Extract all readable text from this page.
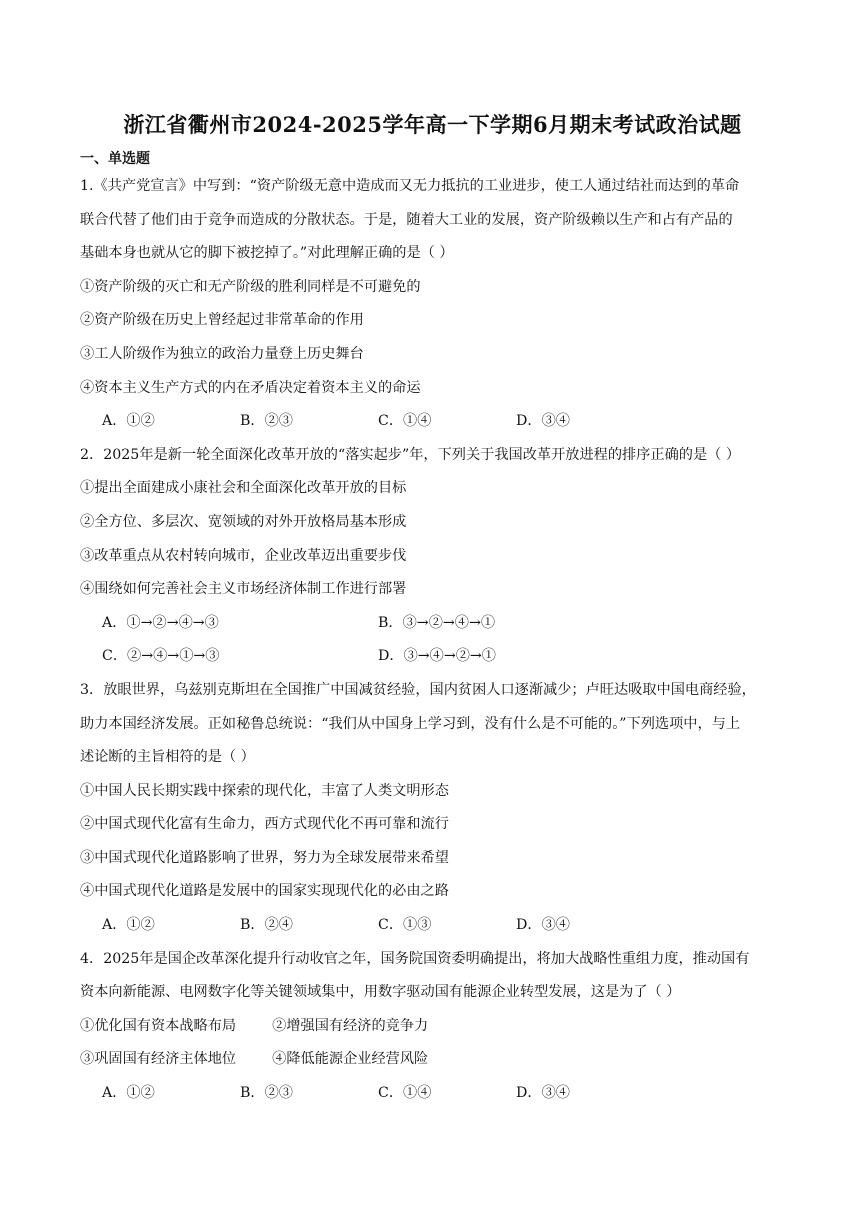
浙江省衢州市2024-2025学年高一下学期6月期末考试政治试题
一、单选题
1.《共产党宣言》中写到：“资产阶级无意中造成而又无力抵抗的工业进步，使工人通过结社而达到的革命
联合代替了他们由于竞争而造成的分散状态。于是，随着大工业的发展，资产阶级赖以生产和占有产品的
基础本身也就从它的脚下被挖掉了。”对此理解正确的是（ ）
①资产阶级的灭亡和无产阶级的胜利同样是不可避免的
②资产阶级在历史上曾经起过非常革命的作用
③工人阶级作为独立的政治力量登上历史舞台
④资本主义生产方式的内在矛盾决定着资本主义的命运
A．①②	B．②③	C．①④	D．③④
2．2025年是新一轮全面深化改革开放的“落实起步”年，下列关于我国改革开放进程的排序正确的是（ ）
①提出全面建成小康社会和全面深化改革开放的目标
②全方位、多层次、宽领域的对外开放格局基本形成
③改革重点从农村转向城市，企业改革迈出重要步伐
④围绕如何完善社会主义市场经济体制工作进行部署
A．①→②→④→③	B．③→②→④→①
C．②→④→①→③	D．③→④→②→①
3．放眼世界，乌兹别克斯坦在全国推广中国减贫经验，国内贫困人口逐渐减少；卢旺达吸取中国电商经验，
助力本国经济发展。正如秘鲁总统说：“我们从中国身上学习到，没有什么是不可能的。”下列选项中，与上
述论断的主旨相符的是（ ）
①中国人民长期实践中探索的现代化，丰富了人类文明形态
②中国式现代化富有生命力，西方式现代化不再可靠和流行
③中国式现代化道路影响了世界，努力为全球发展带来希望
④中国式现代化道路是发展中的国家实现现代化的必由之路
A．①②	B．②④	C．①③	D．③④
4．2025年是国企改革深化提升行动收官之年，国务院国资委明确提出，将加大战略性重组力度，推动国有
资本向新能源、电网数字化等关键领域集中，用数字驱动国有能源企业转型发展，这是为了（ ）
①优化国有资本战略布局        ②增强国有经济的竞争力
③巩固国有经济主体地位        ④降低能源企业经营风险
A．①②	B．②③	C．①④	D．③④
